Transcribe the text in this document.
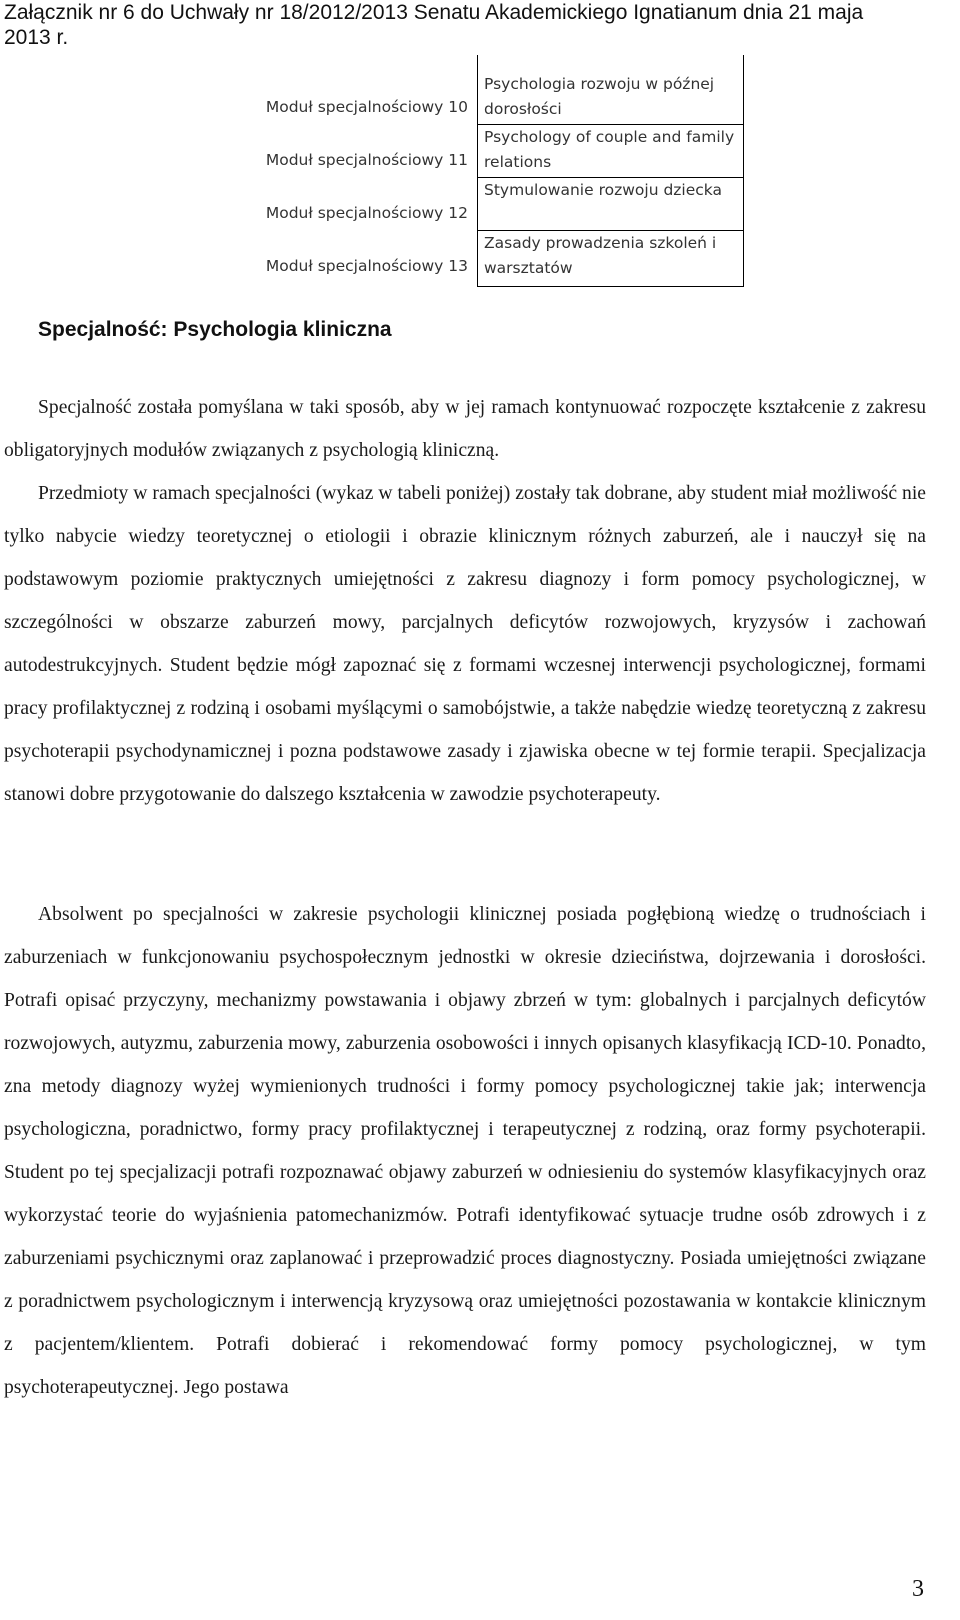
Załącznik nr 6 do Uchwały nr 18/2012/2013 Senatu Akademickiego Ignatianum dnia 21 maja 2013 r.
Moduł specjalnościowy 10
Psychologia rozwoju w późnej dorosłości
Moduł specjalnościowy 11
Psychology of couple and family relations
Moduł specjalnościowy 12
Stymulowanie rozwoju dziecka
Moduł specjalnościowy 13
Zasady prowadzenia szkoleń i warsztatów
Specjalność: Psychologia kliniczna
Specjalność została pomyślana w taki sposób, aby w jej ramach kontynuować rozpoczęte kształcenie z zakresu obligatoryjnych modułów związanych z psychologią kliniczną.
Przedmioty w ramach specjalności (wykaz w tabeli poniżej) zostały tak dobrane, aby student miał możliwość nie tylko nabycie wiedzy teoretycznej o etiologii i obrazie klinicznym różnych zaburzeń, ale i nauczył się na podstawowym poziomie praktycznych umiejętności z zakresu diagnozy i form pomocy psychologicznej, w szczególności w obszarze zaburzeń mowy, parcjalnych deficytów rozwojowych, kryzysów i zachowań autodestrukcyjnych. Student będzie mógł zapoznać się z formami wczesnej interwencji psychologicznej, formami pracy profilaktycznej z rodziną i osobami myślącymi o samobójstwie, a także nabędzie wiedzę teoretyczną z zakresu psychoterapii psychodynamicznej i pozna podstawowe zasady i zjawiska obecne w tej formie terapii. Specjalizacja stanowi dobre przygotowanie do dalszego kształcenia w zawodzie psychoterapeuty.
Absolwent po specjalności w zakresie psychologii klinicznej posiada pogłębioną wiedzę o trudnościach i zaburzeniach w funkcjonowaniu psychospołecznym jednostki w okresie dzieciństwa, dojrzewania i dorosłości. Potrafi opisać przyczyny, mechanizmy powstawania i objawy zbrzeń w tym: globalnych i parcjalnych deficytów rozwojowych, autyzmu, zaburzenia mowy, zaburzenia osobowości i innych opisanych klasyfikacją ICD-10. Ponadto, zna metody diagnozy wyżej wymienionych trudności i formy pomocy psychologicznej takie jak; interwencja psychologiczna, poradnictwo, formy pracy profilaktycznej i terapeutycznej z rodziną, oraz formy psychoterapii. Student po tej specjalizacji potrafi rozpoznawać objawy zaburzeń w odniesieniu do systemów klasyfikacyjnych oraz wykorzystać teorie do wyjaśnienia patomechanizmów. Potrafi identyfikować sytuacje trudne osób zdrowych i z zaburzeniami psychicznymi oraz zaplanować i przeprowadzić proces diagnostyczny. Posiada umiejętności związane z poradnictwem psychologicznym i interwencją kryzysową oraz umiejętności pozostawania w kontakcie klinicznym z pacjentem/klientem. Potrafi dobierać i rekomendować formy pomocy psychologicznej, w tym psychoterapeutycznej. Jego postawa
3
